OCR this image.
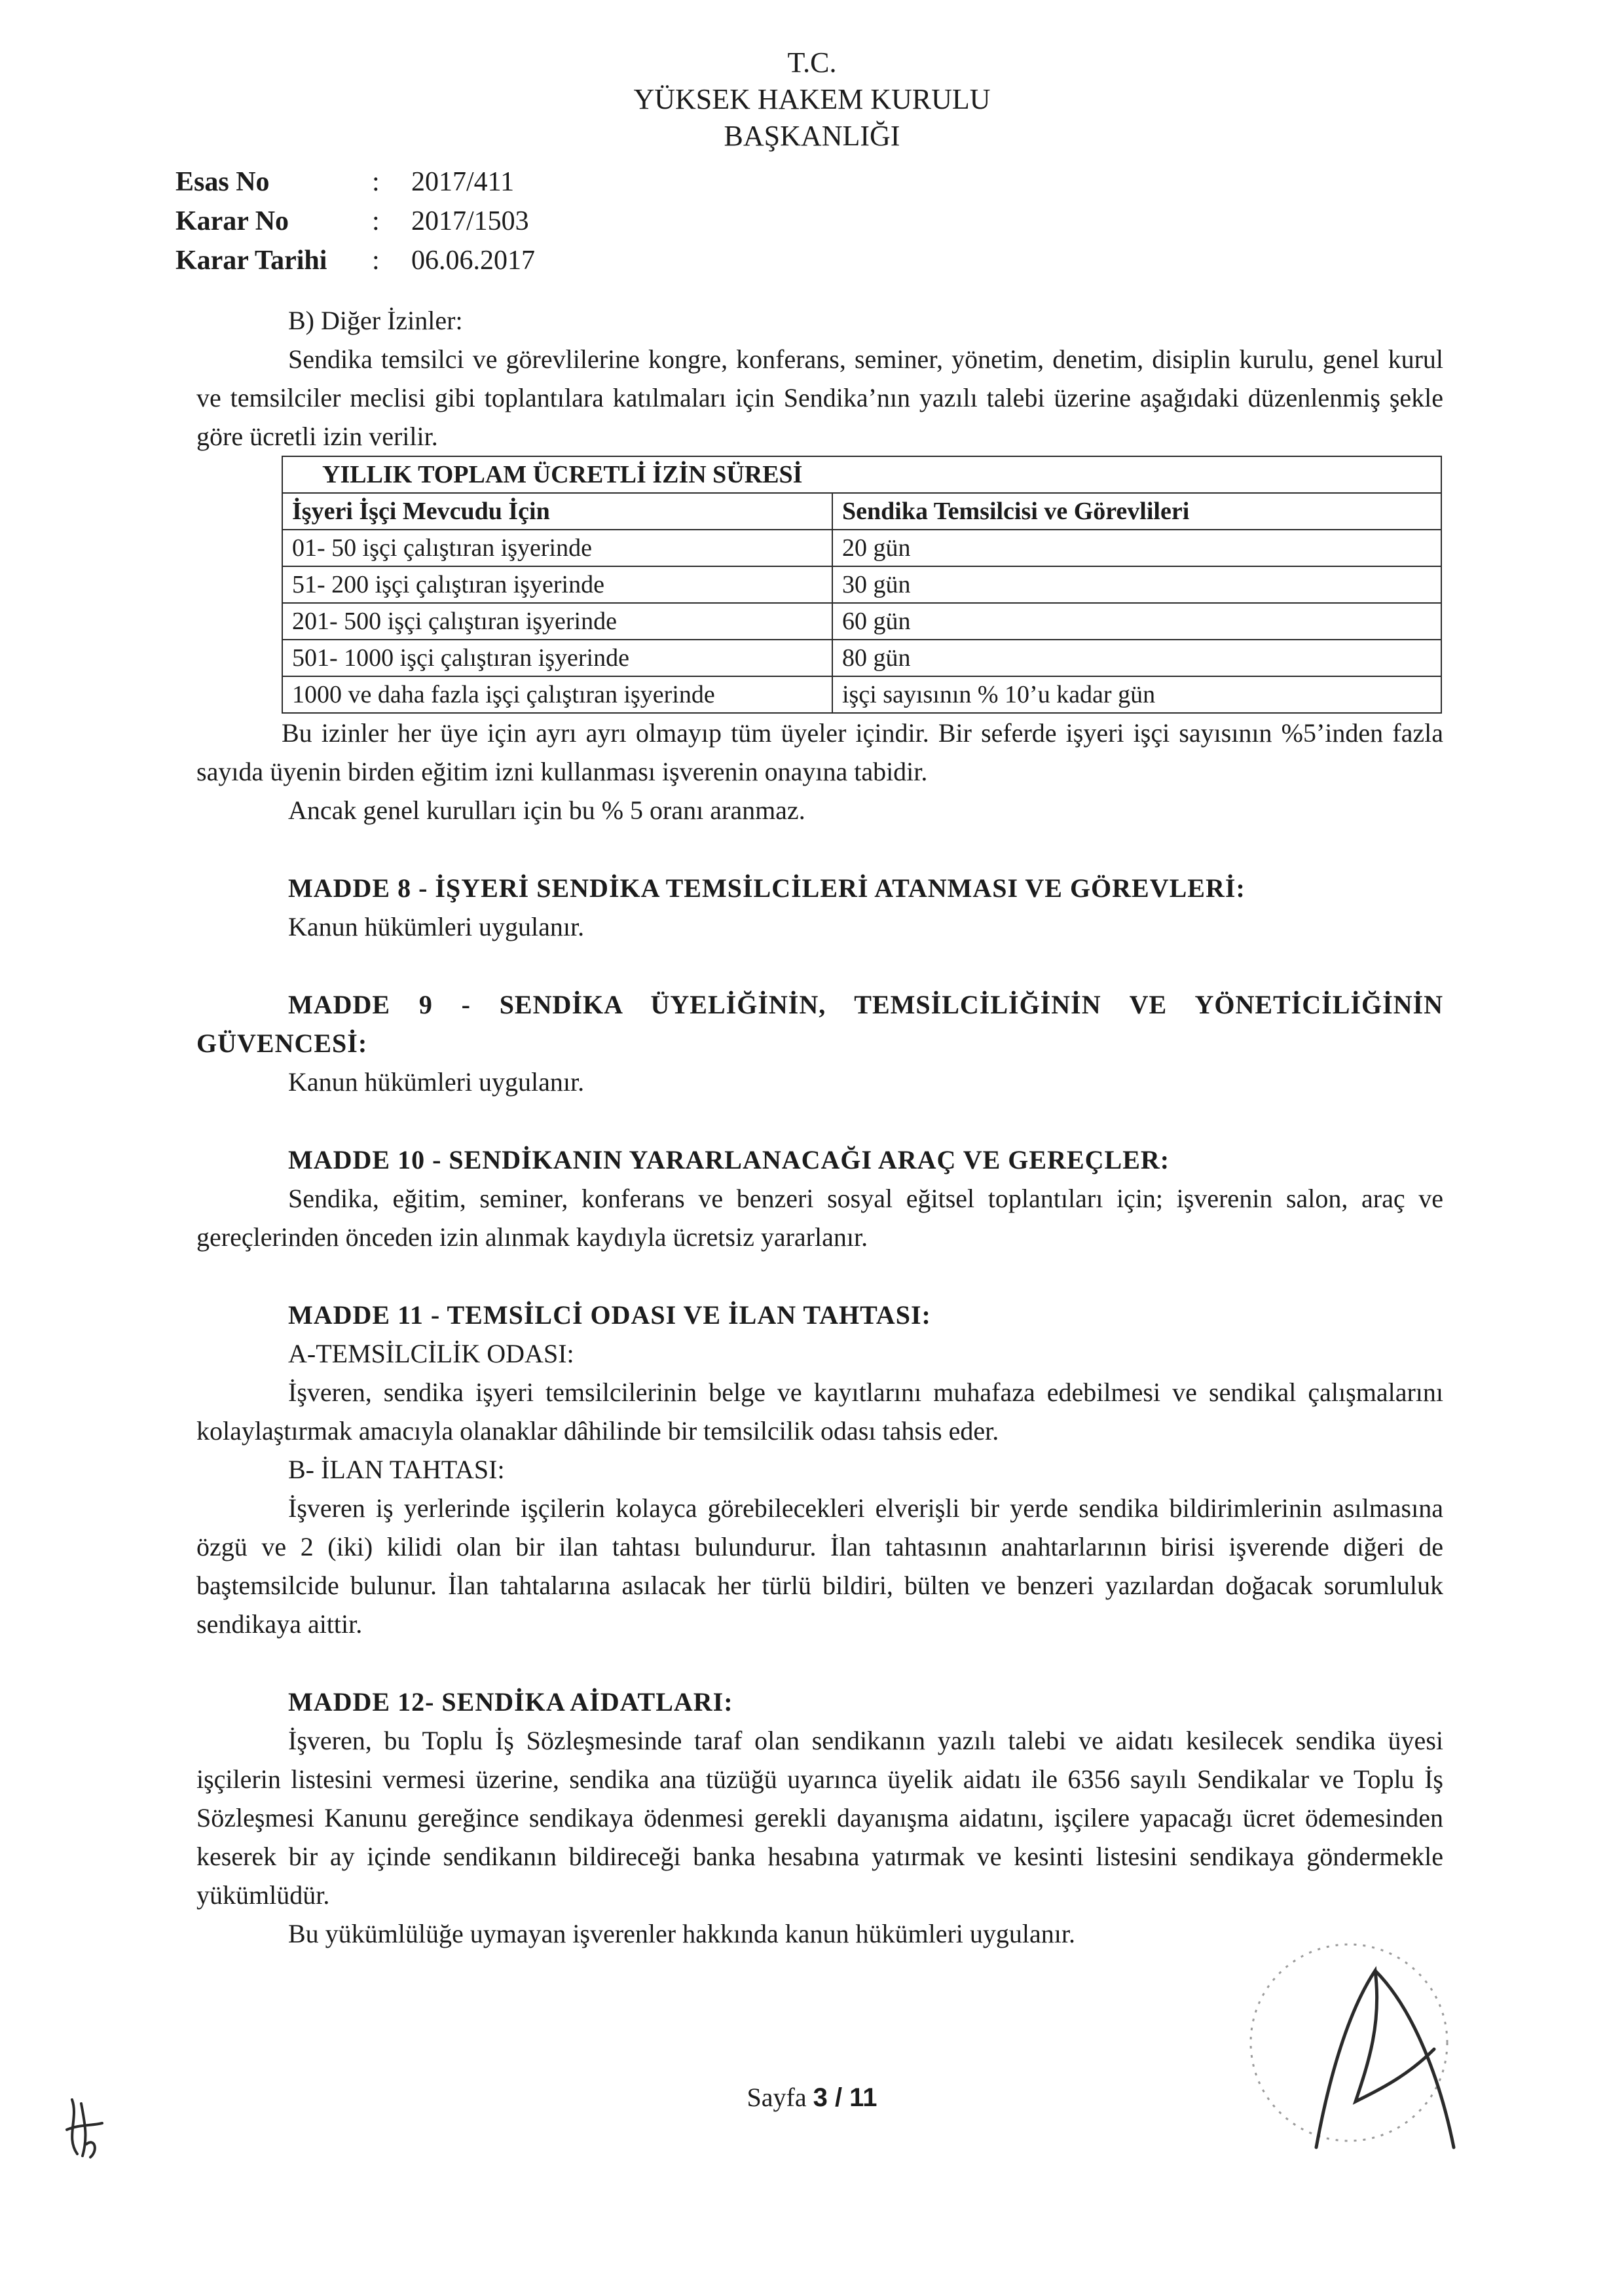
T.C.
YÜKSEK HAKEM KURULU
BAŞKANLIĞI
Esas No	:	2017/411
Karar No	:	2017/1503
Karar Tarihi	:	06.06.2017

B) Diğer İzinler:

Sendika temsilci ve görevlilerine kongre, konferans, seminer, yönetim, denetim, disiplin kurulu, genel kurul ve temsilciler meclisi gibi toplantılara katılmaları için Sendika’nın yazılı talebi üzerine aşağıdaki düzenlenmiş şekle göre ücretli izin verilir.

YILLIK TOPLAM ÜCRETLİ İZİN SÜRESİ	
İşyeri İşçi Mevcudu İçin	Sendika Temsilcisi ve Görevlileri
01- 50 işçi çalıştıran işyerinde	20 gün
51- 200 işçi çalıştıran işyerinde	30 gün
201- 500 işçi çalıştıran işyerinde	60 gün
501- 1000 işçi çalıştıran işyerinde	80 gün
1000 ve daha fazla işçi çalıştıran işyerinde	işçi sayısının % 10’u kadar gün

Bu izinler her üye için ayrı ayrı olmayıp tüm üyeler içindir. Bir seferde işyeri işçi sayısının %5’inden fazla sayıda üyenin birden eğitim izni kullanması işverenin onayına tabidir.

Ancak genel kurulları için bu % 5 oranı aranmaz.

MADDE 8 - İŞYERİ SENDİKA TEMSİLCİLERİ ATANMASI VE GÖREVLERİ:

Kanun hükümleri uygulanır.

MADDE 9 - SENDİKA ÜYELİĞİNİN, TEMSİLCİLİĞİNİN VE YÖNETİCİLİĞİNİN GÜVENCESİ:

Kanun hükümleri uygulanır.

MADDE 10 - SENDİKANIN YARARLANACAĞI ARAÇ VE GEREÇLER:

Sendika, eğitim, seminer, konferans ve benzeri sosyal eğitsel toplantıları için; işverenin salon, araç ve gereçlerinden önceden izin alınmak kaydıyla ücretsiz yararlanır.

MADDE 11 - TEMSİLCİ ODASI VE İLAN TAHTASI:

A-TEMSİLCİLİK ODASI:

İşveren, sendika işyeri temsilcilerinin belge ve kayıtlarını muhafaza edebilmesi ve sendikal çalışmalarını kolaylaştırmak amacıyla olanaklar dâhilinde bir temsilcilik odası tahsis eder.

B- İLAN TAHTASI:

İşveren iş yerlerinde işçilerin kolayca görebilecekleri elverişli bir yerde sendika bildirimlerinin asılmasına özgü ve 2 (iki) kilidi olan bir ilan tahtası bulundurur. İlan tahtasının anahtarlarının birisi işverende diğeri de baştemsilcide bulunur. İlan tahtalarına asılacak her türlü bildiri, bülten ve benzeri yazılardan doğacak sorumluluk sendikaya aittir.

MADDE 12- SENDİKA AİDATLARI:

İşveren, bu Toplu İş Sözleşmesinde taraf olan sendikanın yazılı talebi ve aidatı kesilecek sendika üyesi işçilerin listesini vermesi üzerine, sendika ana tüzüğü uyarınca üyelik aidatı ile 6356 sayılı Sendikalar ve Toplu İş Sözleşmesi Kanunu gereğince sendikaya ödenmesi gerekli dayanışma aidatını, işçilere yapacağı ücret ödemesinden keserek bir ay içinde sendikanın bildireceği banka hesabına yatırmak ve kesinti listesini sendikaya göndermekle yükümlüdür.

Bu yükümlülüğe uymayan işverenler hakkında kanun hükümleri uygulanır.

Sayfa 3 / 11
